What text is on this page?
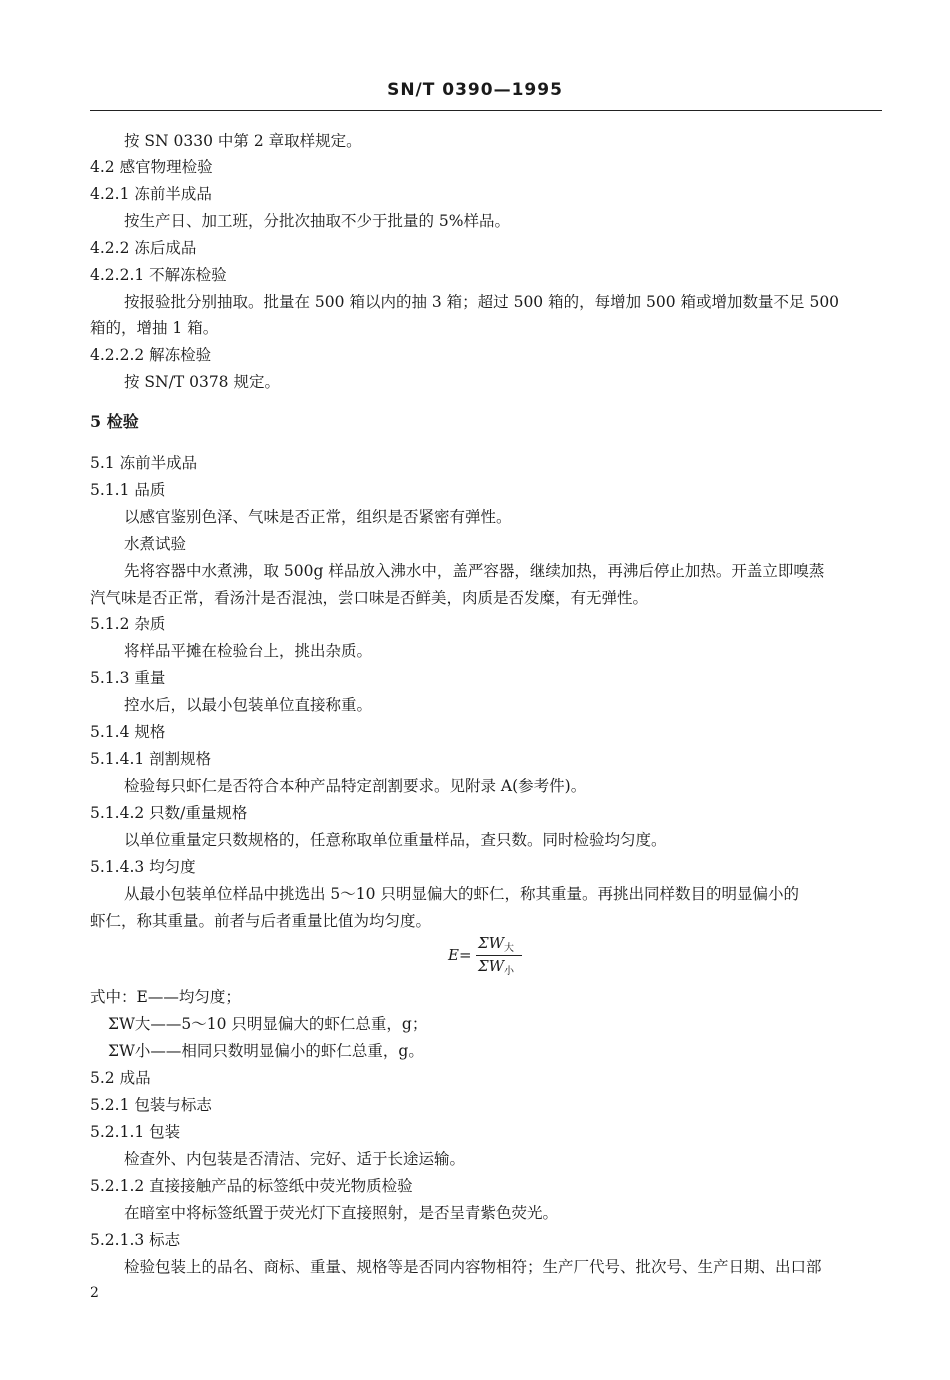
SN/T 0390—1995
按 SN 0330 中第 2 章取样规定。
4.2 感官物理检验
4.2.1 冻前半成品
按生产日、加工班，分批次抽取不少于批量的 5%样品。
4.2.2 冻后成品
4.2.2.1 不解冻检验
按报验批分别抽取。批量在 500 箱以内的抽 3 箱；超过 500 箱的，每增加 500 箱或增加数量不足 500
箱的，增抽 1 箱。
4.2.2.2 解冻检验
按 SN/T 0378 规定。
5 检验
5.1 冻前半成品
5.1.1 品质
以感官鉴别色泽、气味是否正常，组织是否紧密有弹性。
水煮试验
先将容器中水煮沸，取 500g 样品放入沸水中，盖严容器，继续加热，再沸后停止加热。开盖立即嗅蒸
汽气味是否正常，看汤汁是否混浊，尝口味是否鲜美，肉质是否发糜，有无弹性。
5.1.2 杂质
将样品平摊在检验台上，挑出杂质。
5.1.3 重量
控水后，以最小包装单位直接称重。
5.1.4 规格
5.1.4.1 剖割规格
检验每只虾仁是否符合本种产品特定剖割要求。见附录 A(参考件)。
5.1.4.2 只数/重量规格
以单位重量定只数规格的，任意称取单位重量样品，查只数。同时检验均匀度。
5.1.4.3 均匀度
从最小包装单位样品中挑选出 5～10 只明显偏大的虾仁，称其重量。再挑出同样数目的明显偏小的
虾仁，称其重量。前者与后者重量比值为均匀度。
式中：E——均匀度；
ΣW大——5～10 只明显偏大的虾仁总重，g；
ΣW小——相同只数明显偏小的虾仁总重，g。
5.2 成品
5.2.1 包装与标志
5.2.1.1 包装
检查外、内包装是否清洁、完好、适于长途运输。
5.2.1.2 直接接触产品的标签纸中荧光物质检验
在暗室中将标签纸置于荧光灯下直接照射，是否呈青紫色荧光。
5.2.1.3 标志
检验包装上的品名、商标、重量、规格等是否同内容物相符；生产厂代号、批次号、生产日期、出口部
E=
$\Sigma W_大$
$\Sigma W_小$
2
